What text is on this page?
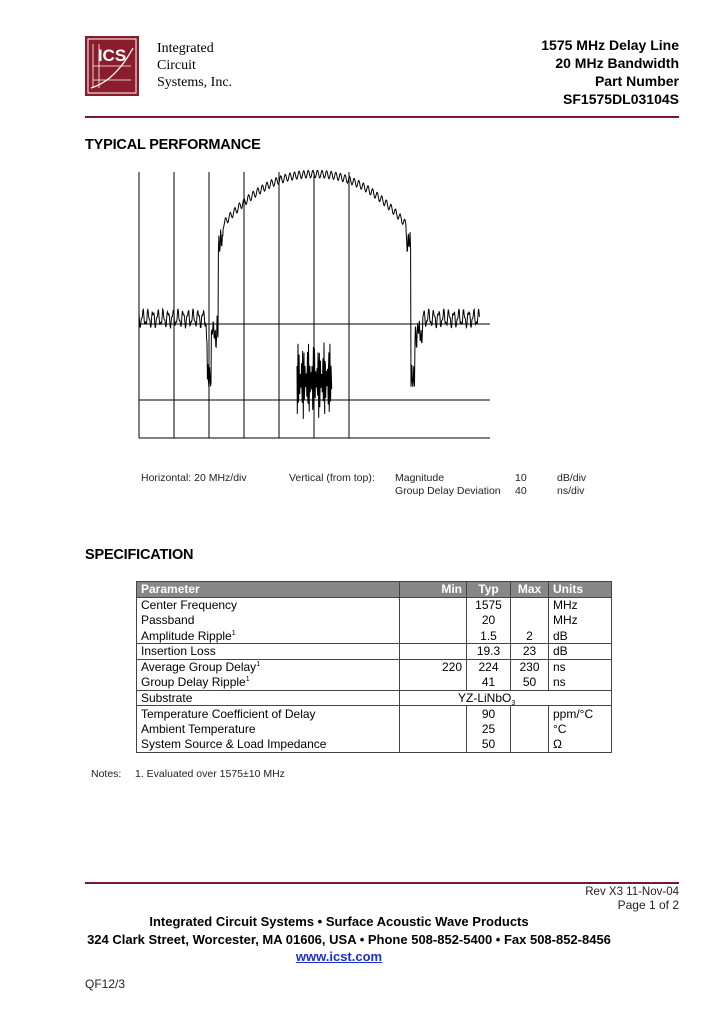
ICS Integrated
Circuit
Systems, Inc.
1575 MHz Delay Line
20 MHz Bandwidth
Part Number
SF1575DL03104S
TYPICAL PERFORMANCE
Horizontal: 20 MHz/div	Vertical (from top): Magnitude	10	dB/div
Group Delay Deviation 40	ns/div
SPECIFICATION
Parameter	Min	Typ	Max	Units
Center Frequency		1575		MHz
Passband		20		MHz
Amplitude Ripple$^1$		1.5	2	dB
Insertion Loss		19.3	23	dB
Average Group Delay$^1$	220	224	230	ns
Group Delay Ripple$^1$		41	50	ns
Substrate	YZ-LiNbO$_3$
Temperature Coefficient of Delay		90		ppm/°C
Ambient Temperature		25		°C
System Source & Load Impedance		50		Ω
Notes: 1. Evaluated over 1575±10 MHz
Rev X3 11-Nov-04
Page 1 of 2
Integrated Circuit Systems • Surface Acoustic Wave Products
324 Clark Street, Worcester, MA 01606, USA • Phone 508-852-5400 • Fax 508-852-8456
www.icst.com
QF12/3
